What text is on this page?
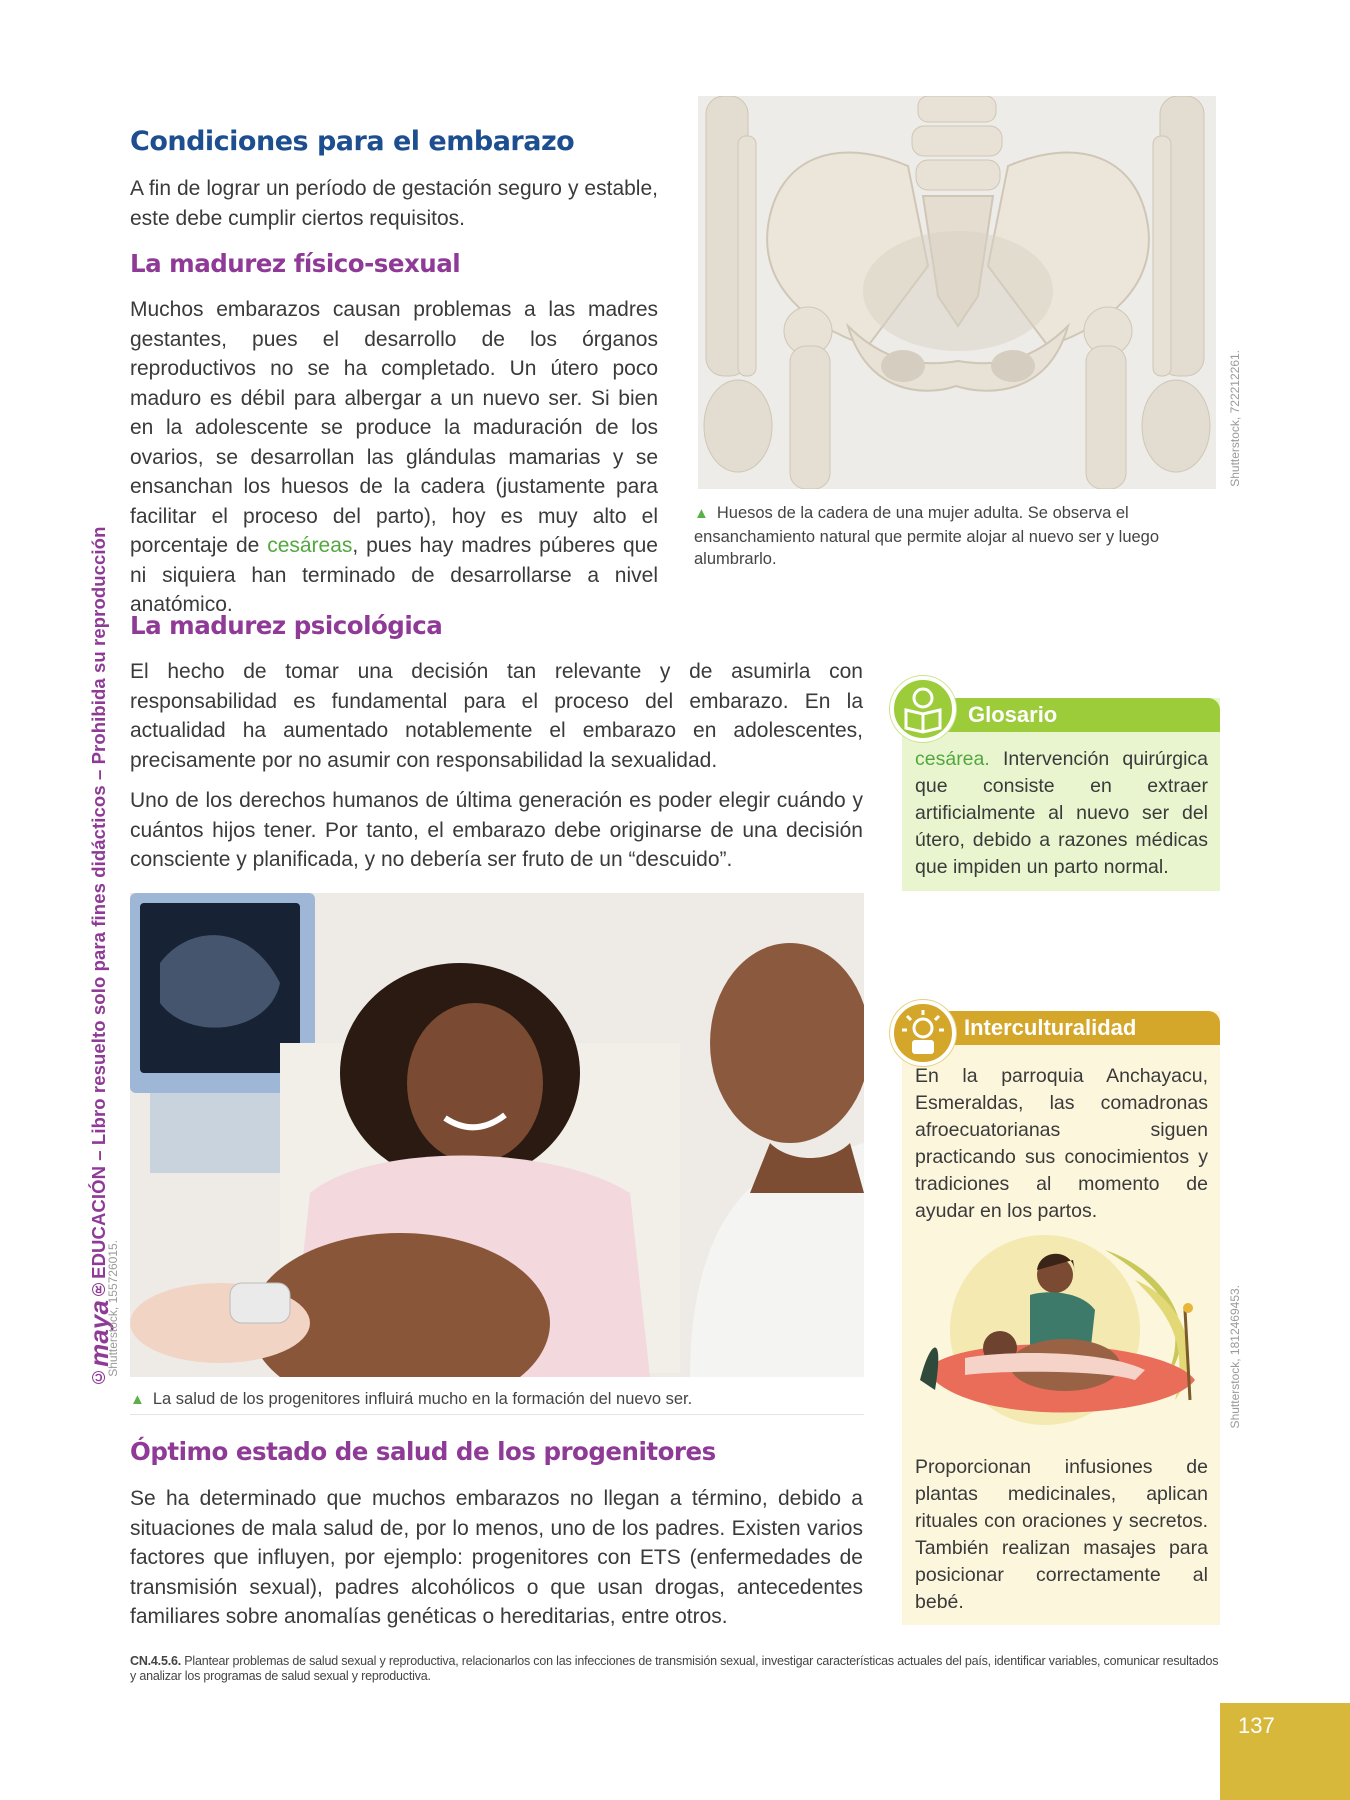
©maya®EDUCACIÓN – Libro resuelto solo para fines didácticos – Prohibida su reproducción
Condiciones para el embarazo
A fin de lograr un período de gestación seguro y estable, este debe cumplir ciertos requisitos.
La madurez físico-sexual
Muchos embarazos causan problemas a las madres gestantes, pues el desarrollo de los órganos reproductivos no se ha completado. Un útero poco maduro es débil para albergar a un nuevo ser. Si bien en la adolescente se produce la maduración de los ovarios, se desarrollan las glándulas mamarias y se ensanchan los huesos de la cadera (justamente para facilitar el proceso del parto), hoy es muy alto el porcentaje de cesáreas, pues hay madres púberes que ni siquiera han terminado de desarrollarse a nivel anatómico.
Shutterstock, 722212261.
▲ Huesos de la cadera de una mujer adulta. Se observa el ensanchamiento natural que permite alojar al nuevo ser y luego alumbrarlo.
La madurez psicológica
El hecho de tomar una decisión tan relevante y de asumirla con responsabilidad es fundamental para el proceso del embarazo. En la actualidad ha aumentado notablemente el embarazo en adolescentes, precisamente por no asumir con responsabilidad la sexualidad.
Uno de los derechos humanos de última generación es poder elegir cuándo y cuántos hijos tener. Por tanto, el embarazo debe originarse de una decisión consciente y planificada, y no debería ser fruto de un “descuido”.
Glosario
cesárea. Intervención quirúrgica que consiste en extraer artificialmente al nuevo ser del útero, debido a razones médicas que impiden un parto normal.
Shutterstock, 155726015.
▲ La salud de los progenitores influirá mucho en la formación del nuevo ser.
Interculturalidad
En la parroquia Anchayacu, Esmeraldas, las comadronas afroecuatorianas siguen practicando sus conocimientos y tradiciones al momento de ayudar en los partos.
Shutterstock, 1812469453.
Proporcionan infusiones de plantas medicinales, aplican rituales con oraciones y secretos. También realizan masajes para posicionar correctamente al bebé.
Óptimo estado de salud de los progenitores
Se ha determinado que muchos embarazos no llegan a término, debido a situaciones de mala salud de, por lo menos, uno de los padres. Existen varios factores que influyen, por ejemplo: progenitores con ETS (enfermedades de transmisión sexual), padres alcohólicos o que usan drogas, antecedentes familiares sobre anomalías genéticas o hereditarias, entre otros.
CN.4.5.6. Plantear problemas de salud sexual y reproductiva, relacionarlos con las infecciones de transmisión sexual, investigar características actuales del país, identificar variables, comunicar resultados y analizar los programas de salud sexual y reproductiva.
137
